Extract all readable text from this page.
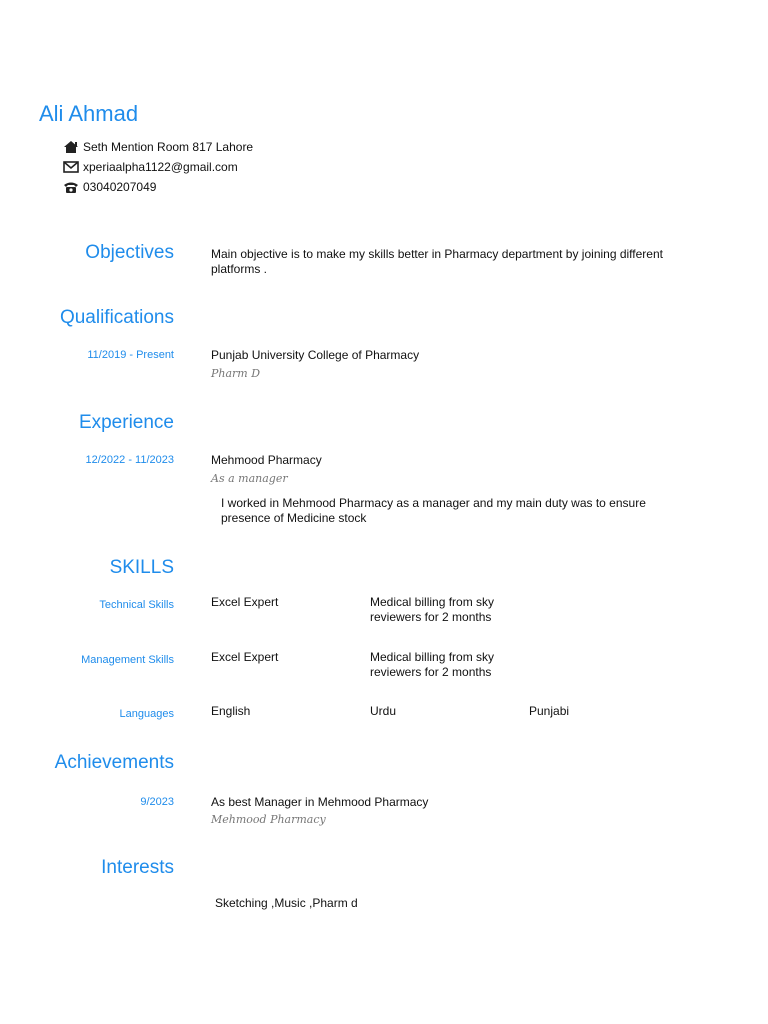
Ali Ahmad
Seth Mention Room 817 Lahore
xperiaalpha1122@gmail.com
03040207049
Objectives	Main objective is to make my skills better in Pharmacy department by joining different platforms .
Qualifications
11/2019 - Present	Punjab University College of Pharmacy
Pharm D
Experience
12/2022 - 11/2023	Mehmood Pharmacy
As a manager
I worked in Mehmood Pharmacy as a manager and my main duty was to ensure presence of Medicine stock
SKILLS
Technical Skills	Excel Expert	Medical billing from sky reviewers for 2 months
Management Skills	Excel Expert	Medical billing from sky reviewers for 2 months
Languages	English	Urdu	Punjabi
Achievements
9/2023	As best Manager in Mehmood Pharmacy
Mehmood Pharmacy
Interests
Sketching ,Music ,Pharm d
